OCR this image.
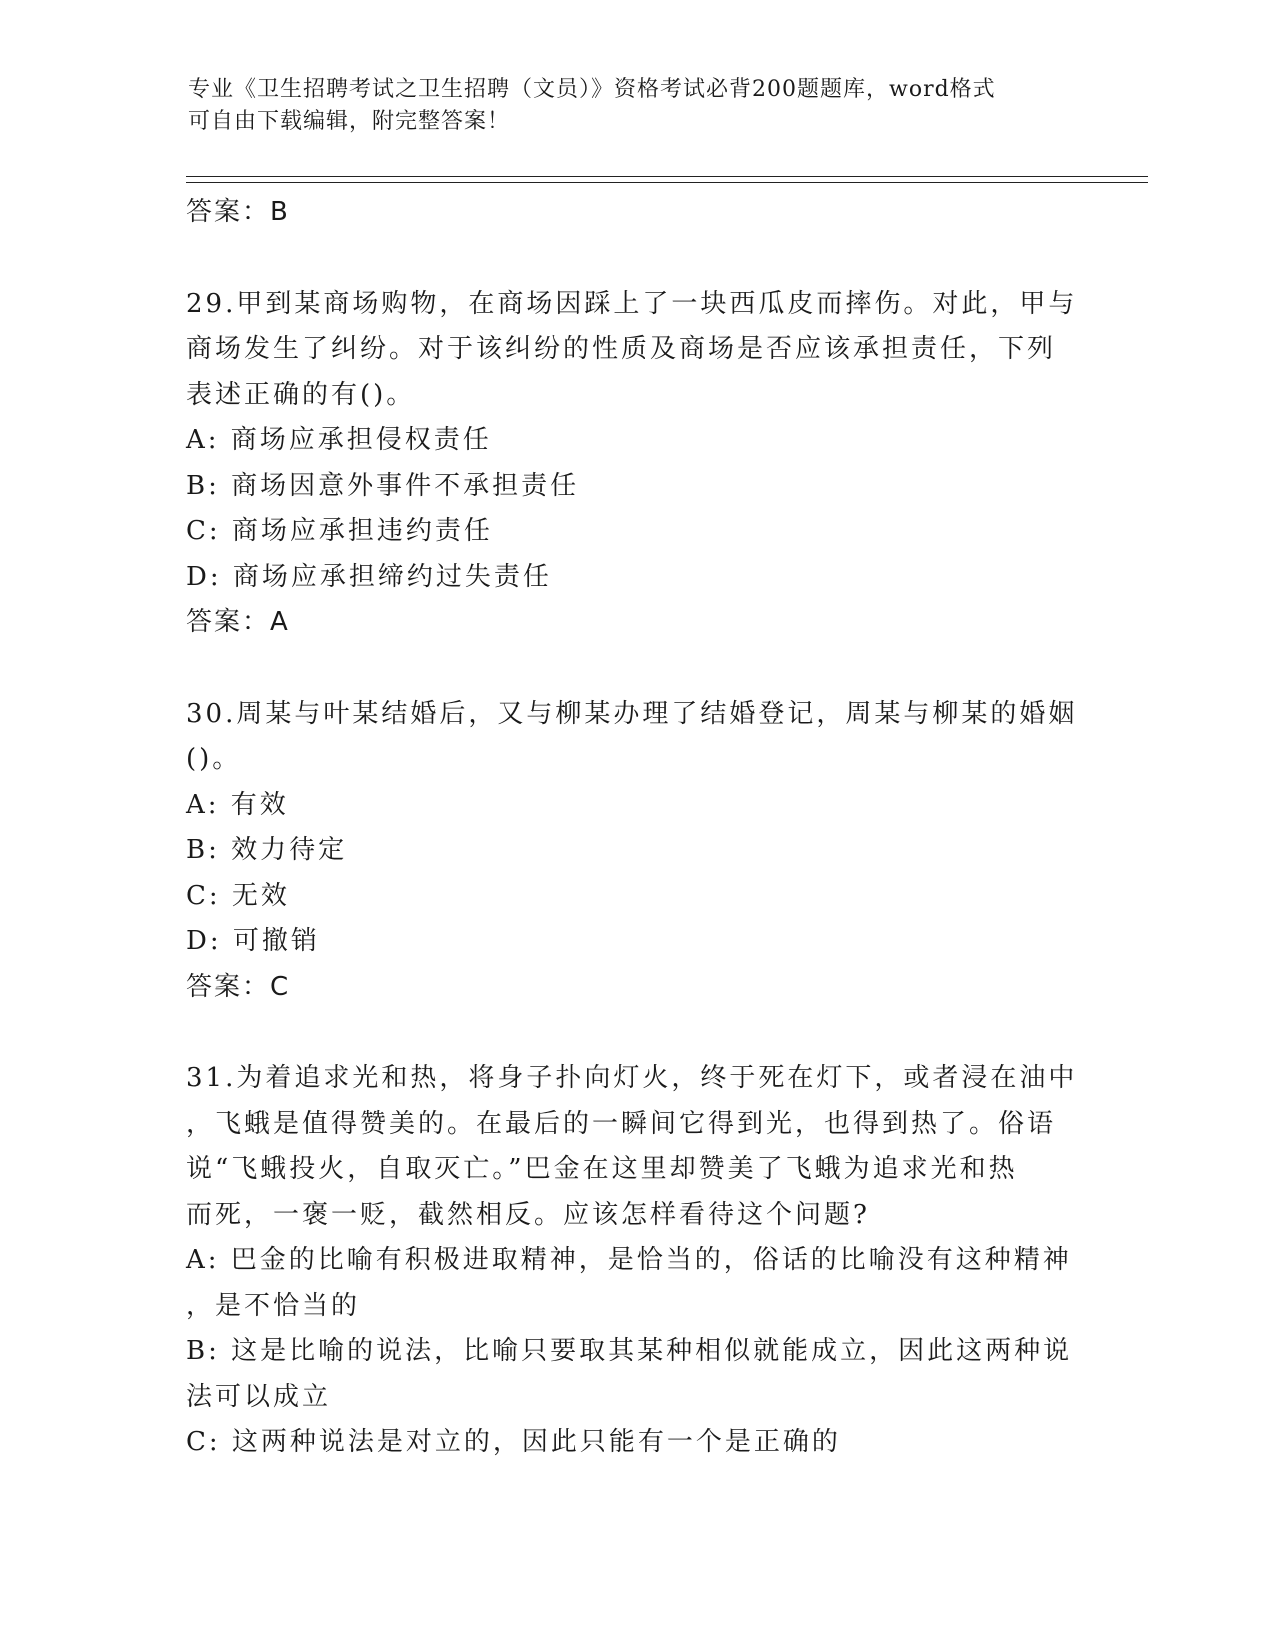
专业《卫生招聘考试之卫生招聘（文员）》资格考试必背200题题库，word格式
可自由下载编辑，附完整答案！
答案：B
29.甲到某商场购物，在商场因踩上了一块西瓜皮而摔伤。对此，甲与
商场发生了纠纷。对于该纠纷的性质及商场是否应该承担责任，下列
表述正确的有()。
A: 商场应承担侵权责任
B: 商场因意外事件不承担责任
C: 商场应承担违约责任
D: 商场应承担缔约过失责任
答案：A
30.周某与叶某结婚后，又与柳某办理了结婚登记，周某与柳某的婚姻
()。
A: 有效
B: 效力待定
C: 无效
D: 可撤销
答案：C
31.为着追求光和热，将身子扑向灯火，终于死在灯下，或者浸在油中
，飞蛾是值得赞美的。在最后的一瞬间它得到光，也得到热了。俗语
说“飞蛾投火，自取灭亡。”巴金在这里却赞美了飞蛾为追求光和热
而死，一褒一贬，截然相反。应该怎样看待这个问题?
A: 巴金的比喻有积极进取精神，是恰当的，俗话的比喻没有这种精神
，是不恰当的
B: 这是比喻的说法，比喻只要取其某种相似就能成立，因此这两种说
法可以成立
C: 这两种说法是对立的，因此只能有一个是正确的
